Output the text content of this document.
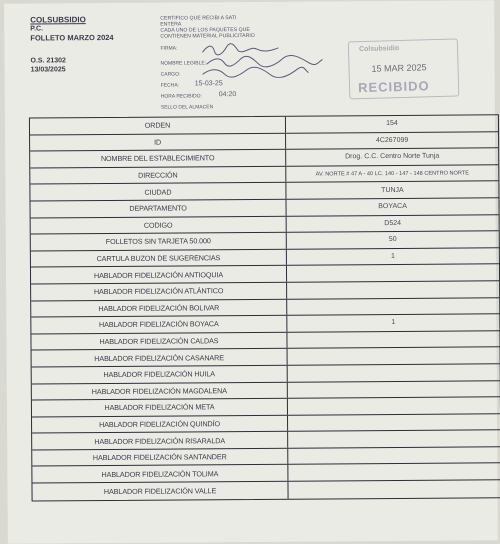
COLSUBSIDIO
P.C.
FOLLETO MARZO 2024
O.S. 21302
13/03/2025
CERTIFICO QUE RECIBI A SATI
ENTERA
CADA UNO DE LOS PAQUETES QUE
CONTIENEN MATERIAL PUBLICITARIO
FIRMA:
NOMBRE LEGIBLE:
CARGO:
FECHA: 15-03-25
HORA RECIBIDO: 04:20
SELLO DEL ALMACEN
Colsubsidio
15 MAR 2025
RECIBIDO
ORDEN	154
ID	4C267099
NOMBRE DEL ESTABLECIMIENTO	Drog. C.C. Centro Norte Tunja
DIRECCIÓN	AV. NORTE # 47 A - 40 LC. 140 - 147 - 148 CENTRO NORTE
CIUDAD	TUNJA
DEPARTAMENTO	BOYACA
CODIGO	D524
FOLLETOS SIN TARJETA 50.000	50
CARTULA BUZON DE SUGERENCIAS	1
HABLADOR FIDELIZACIÓN ANTIOQUIA
HABLADOR FIDELIZACIÓN ATLÁNTICO
HABLADOR FIDELIZACIÓN BOLIVAR
HABLADOR FIDELIZACIÓN BOYACA	1
HABLADOR FIDELIZACIÓN CALDAS
HABLADOR FIDELIZACIÓN CASANARE
HABLADOR FIDELIZACIÓN HUILA
HABLADOR FIDELIZACIÓN MAGDALENA
HABLADOR FIDELIZACIÓN META
HABLADOR FIDELIZACIÓN QUINDÍO
HABLADOR FIDELIZACIÓN RISARALDA
HABLADOR FIDELIZACIÓN SANTANDER
HABLADOR FIDELIZACIÓN TOLIMA
HABLADOR FIDELIZACIÓN VALLE
